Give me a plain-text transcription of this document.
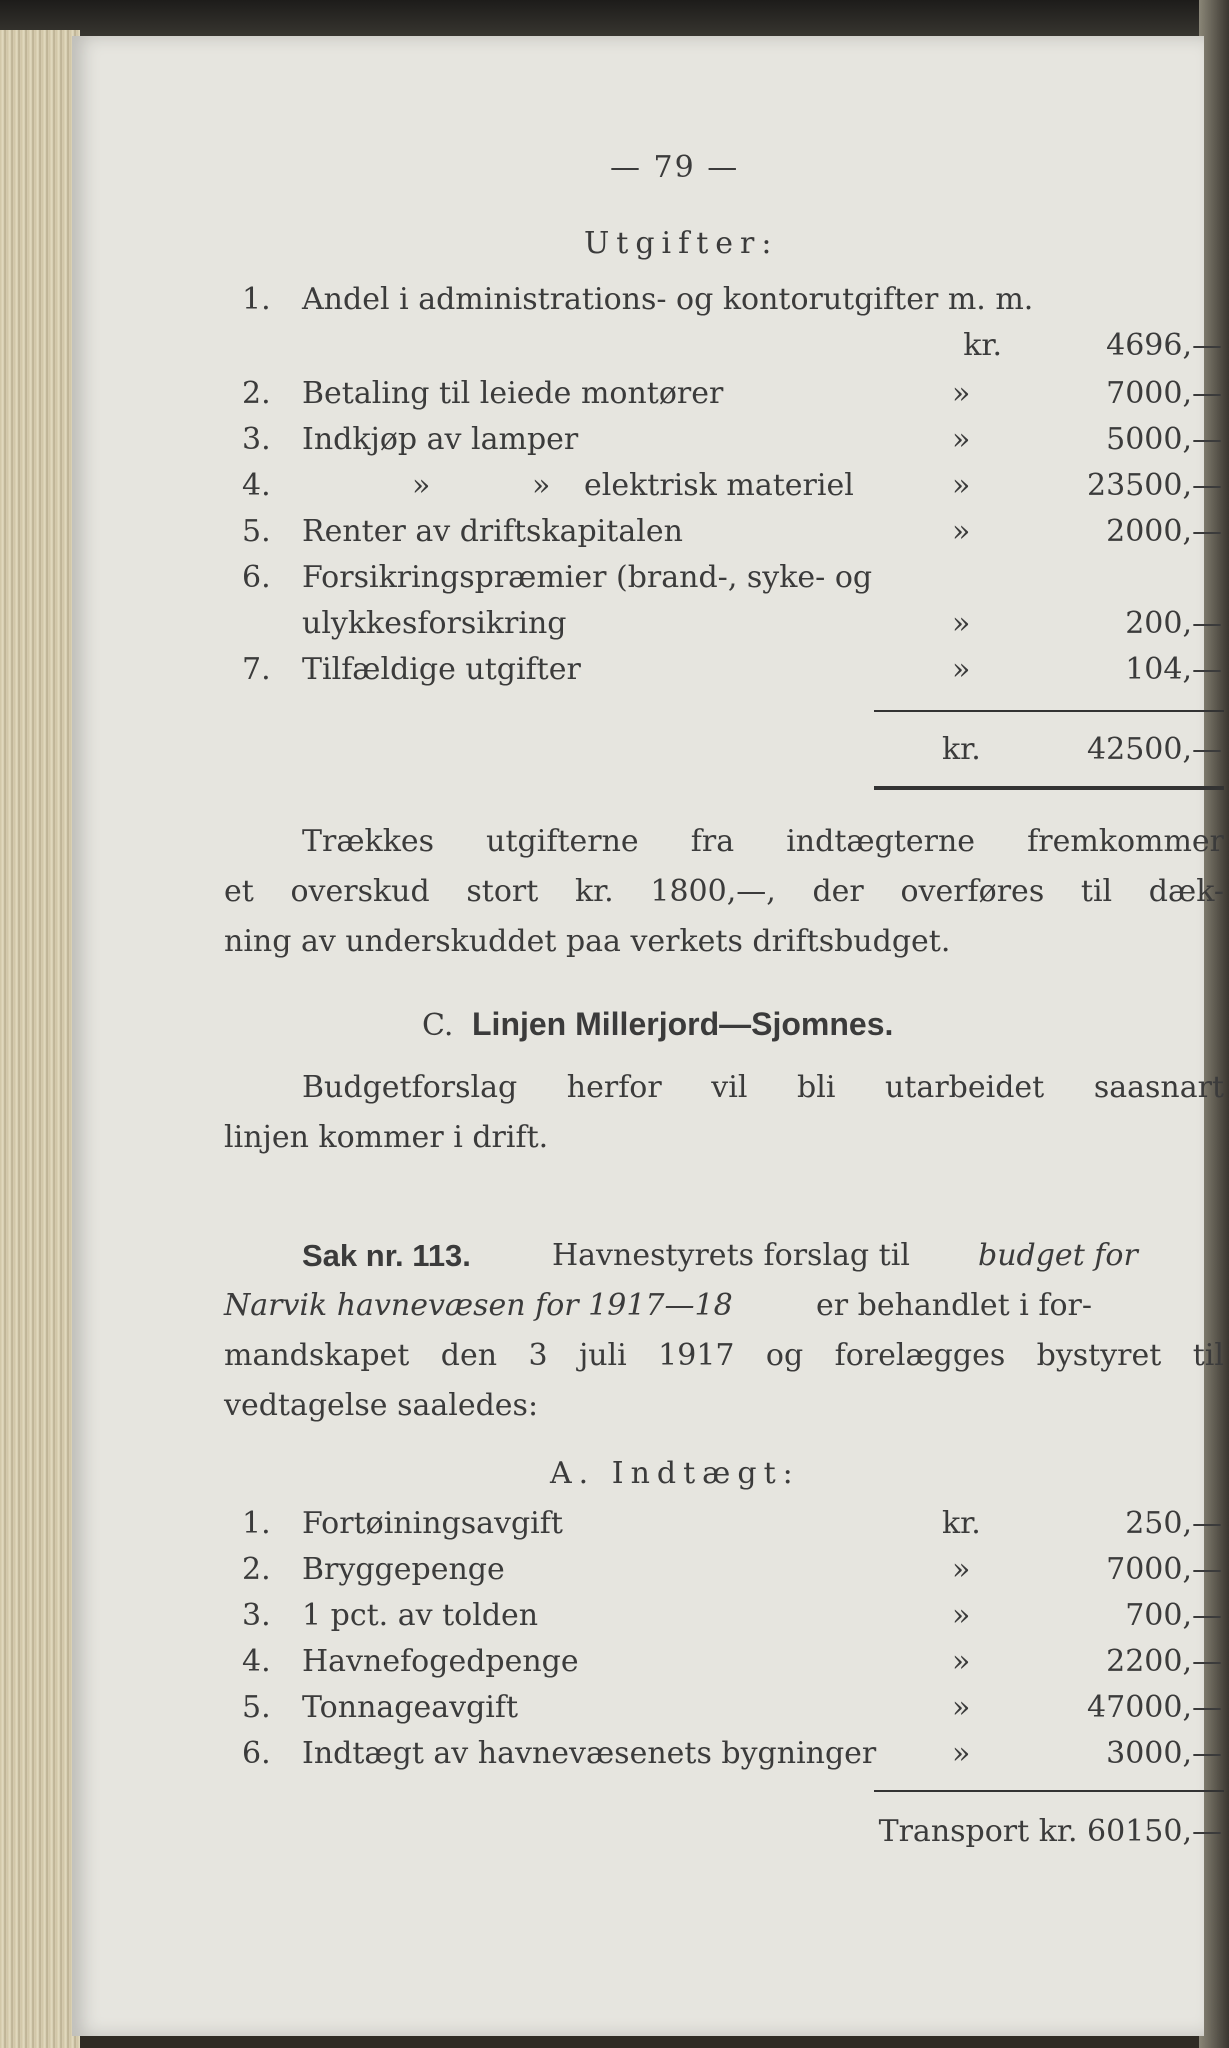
— 79 —
Utgifter:
1. Andel i administrations- og kontorutgifter m. m.
kr.	4696,—
2. Betaling til leiede montører	»	7000,—
3. Indkjøp av lamper	»	5000,—
4.	»	» elektrisk materiel	»	23500,—
5. Renter av driftskapitalen	»	2000,—
6. Forsikringspræmier (brand-, syke- og
ulykkesforsikring	»	200,—
7. Tilfældige utgifter	»	104,—
kr.	42500,—
Trækkes utgifterne fra indtægterne fremkommer
et overskud stort kr. 1800,—, der overføres til dæk-
ning av underskuddet paa verkets driftsbudget.
C. Linjen Millerjord—Sjomnes.
Budgetforslag herfor vil bli utarbeidet saasnart
linjen kommer i drift.
Sak nr. 113.	Havnestyrets forslag til budget for
Narvik havnevæsen for 1917—18	er behandlet i for-
mandskapet den 3 juli 1917 og forelægges bystyret til
vedtagelse saaledes:
A. Indtægt:
1. Fortøiningsavgift	kr.	250,—
2. Bryggepenge	»	7000,—
3. 1 pct. av tolden	»	700,—
4. Havnefogedpenge	»	2200,—
5. Tonnageavgift	»	47000,—
6. Indtægt av havnevæsenets bygninger	»	3000,—
Transport kr. 60150,—
